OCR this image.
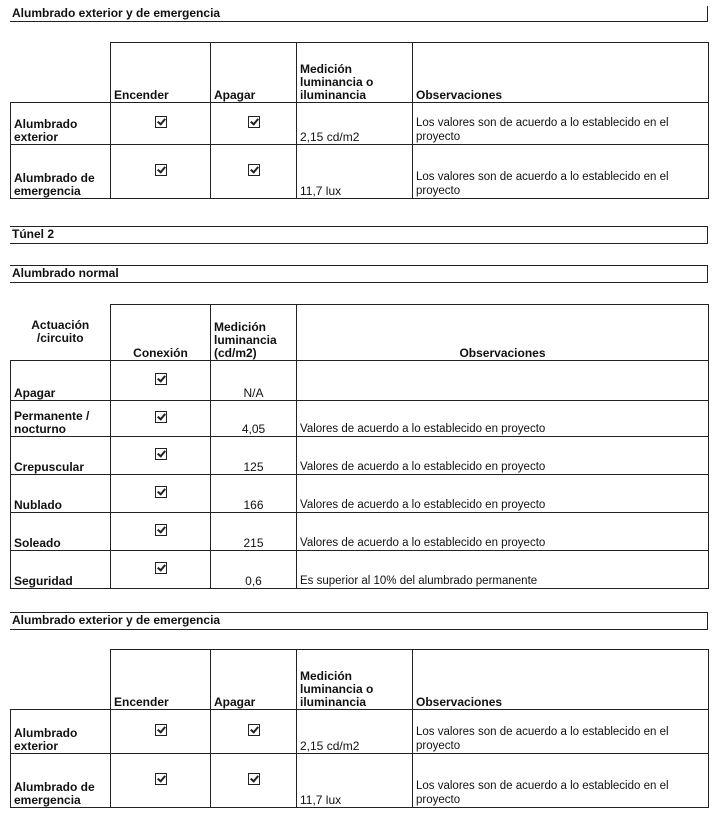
Alumbrado exterior y de emergencia
	Encender	Apagar	Medición luminancia o iluminancia	Observaciones
Alumbrado exterior			2,15 cd/m2	Los valores son de acuerdo a lo establecido en el proyecto
Alumbrado de emergencia			11,7 lux	Los valores son de acuerdo a lo establecido en el proyecto
Túnel 2
Alumbrado normal
Actuación /circuito	Conexión	Medición luminancia (cd/m2)	Observaciones
Apagar		N/A	
Permanente / nocturno		4,05	Valores de acuerdo a lo establecido en proyecto
Crepuscular		125	Valores de acuerdo a lo establecido en proyecto
Nublado		166	Valores de acuerdo a lo establecido en proyecto
Soleado		215	Valores de acuerdo a lo establecido en proyecto
Seguridad		0,6	Es superior al 10% del alumbrado permanente
Alumbrado exterior y de emergencia
	Encender	Apagar	Medición luminancia o iluminancia	Observaciones
Alumbrado exterior			2,15 cd/m2	Los valores son de acuerdo a lo establecido en el proyecto
Alumbrado de emergencia			11,7 lux	Los valores son de acuerdo a lo establecido en el proyecto
